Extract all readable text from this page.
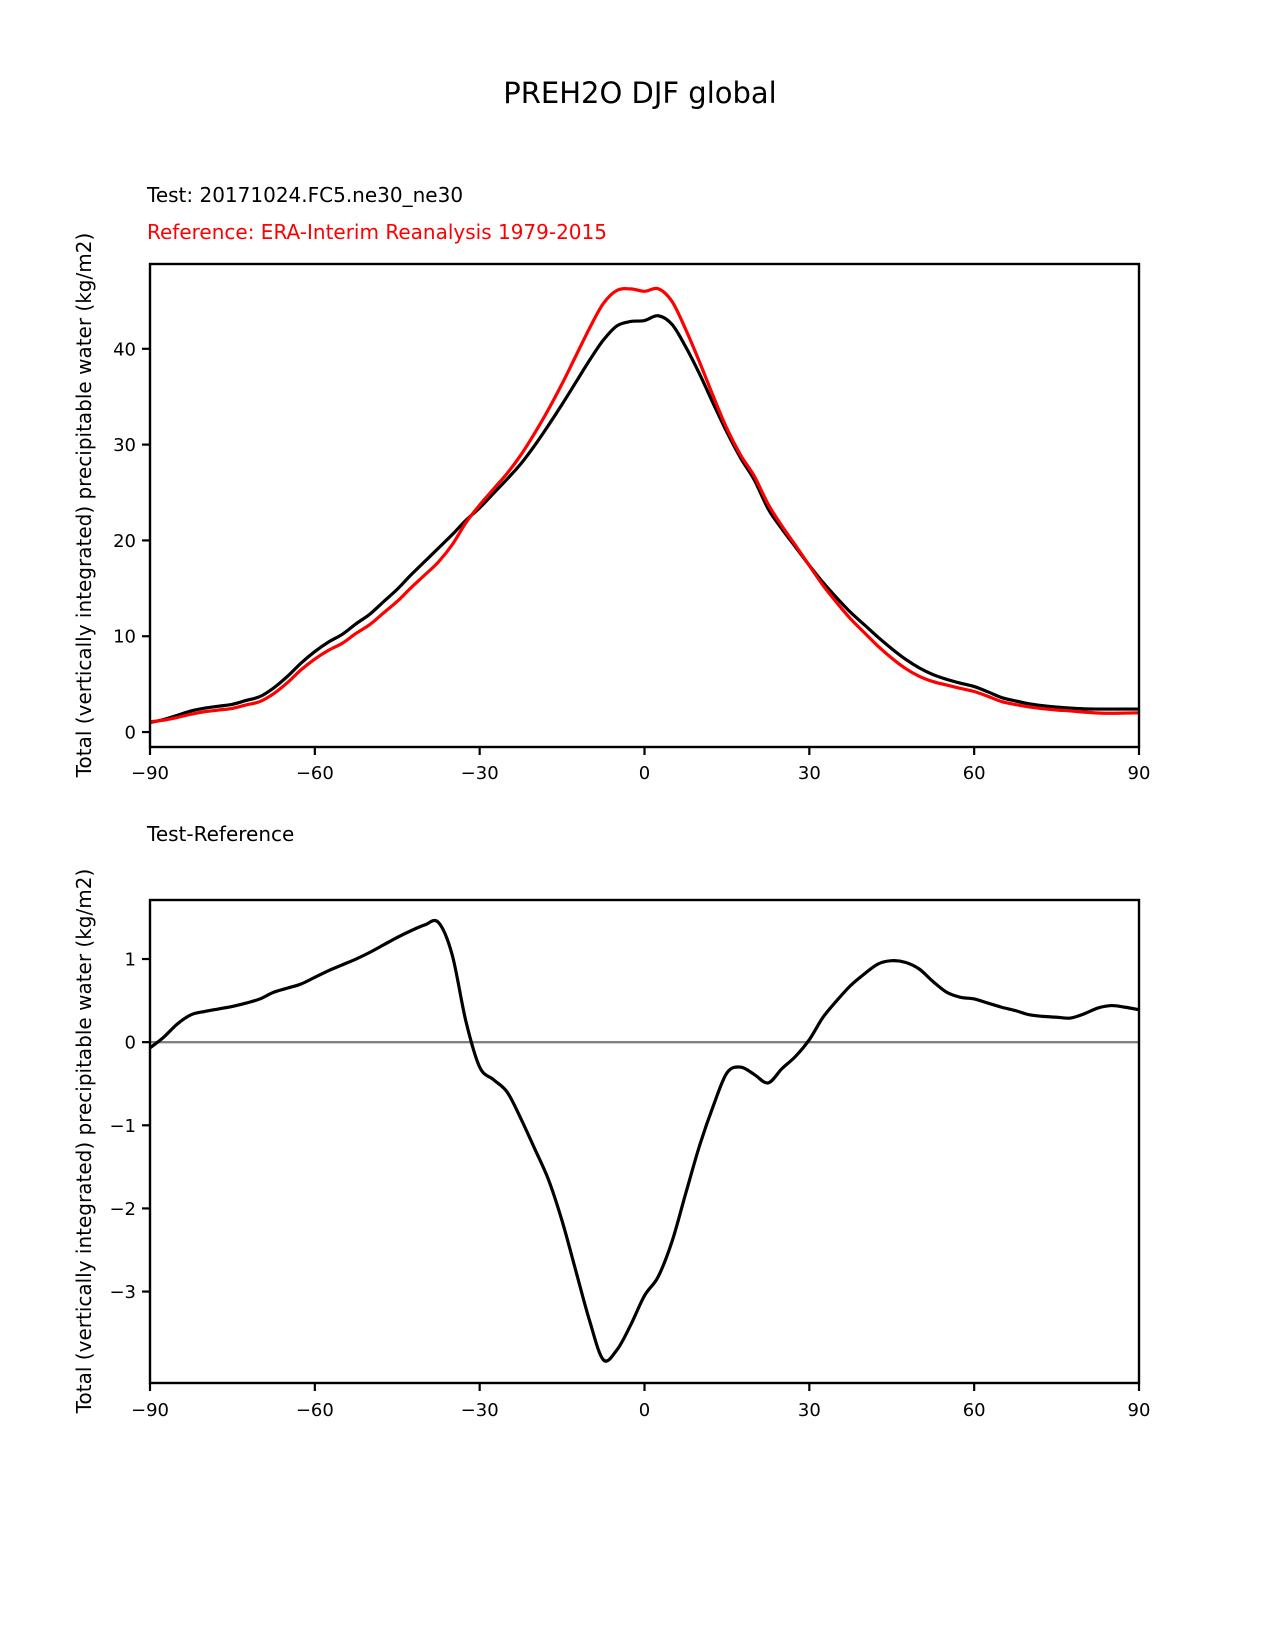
−90	−60	−30	0	30	60	90
0
10
20
30
40
−90	−60	−30	0	30	60	90
−3
−2
−1
0
1
PREH2O DJF global
Test: 20171024.FC5.ne30_ne30
Reference: ERA-Interim Reanalysis 1979-2015
Total (vertically integrated) precipitable water (kg/m2)
Test-Reference
Total (vertically integrated) precipitable water (kg/m2)
